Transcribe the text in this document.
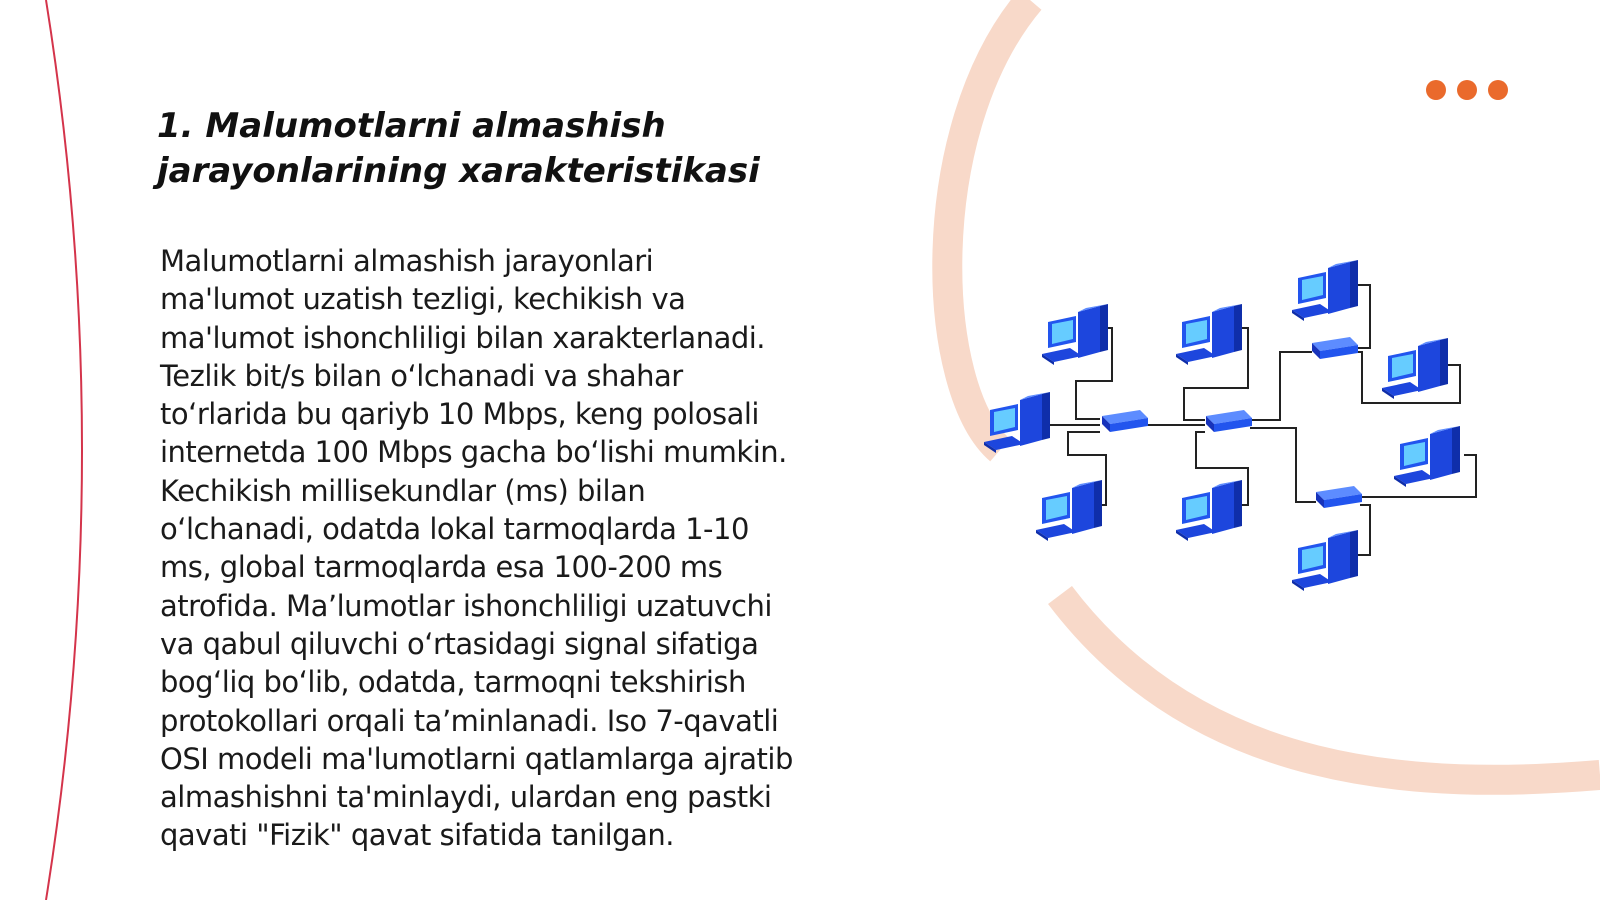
1. Malumotlarni almashish
jarayonlarining xarakteristikasi

Malumotlarni almashish jarayonlari
ma'lumot uzatish tezligi, kechikish va
ma'lumot ishonchliligi bilan xarakterlanadi.
Tezlik bit/s bilan oʻlchanadi va shahar
toʻrlarida bu qariyb 10 Mbps, keng polosali
internetda 100 Mbps gacha boʻlishi mumkin.
Kechikish millisekundlar (ms) bilan
oʻlchanadi, odatda lokal tarmoqlarda 1-10
ms, global tarmoqlarda esa 100-200 ms
atrofida. Maʼlumotlar ishonchliligi uzatuvchi
va qabul qiluvchi oʻrtasidagi signal sifatiga
bogʻliq boʻlib, odatda, tarmoqni tekshirish
protokollari orqali taʼminlanadi. Iso 7-qavatli
OSI modeli ma'lumotlarni qatlamlarga ajratib
almashishni ta'minlaydi, ulardan eng pastki
qavati "Fizik" qavat sifatida tanilgan.
